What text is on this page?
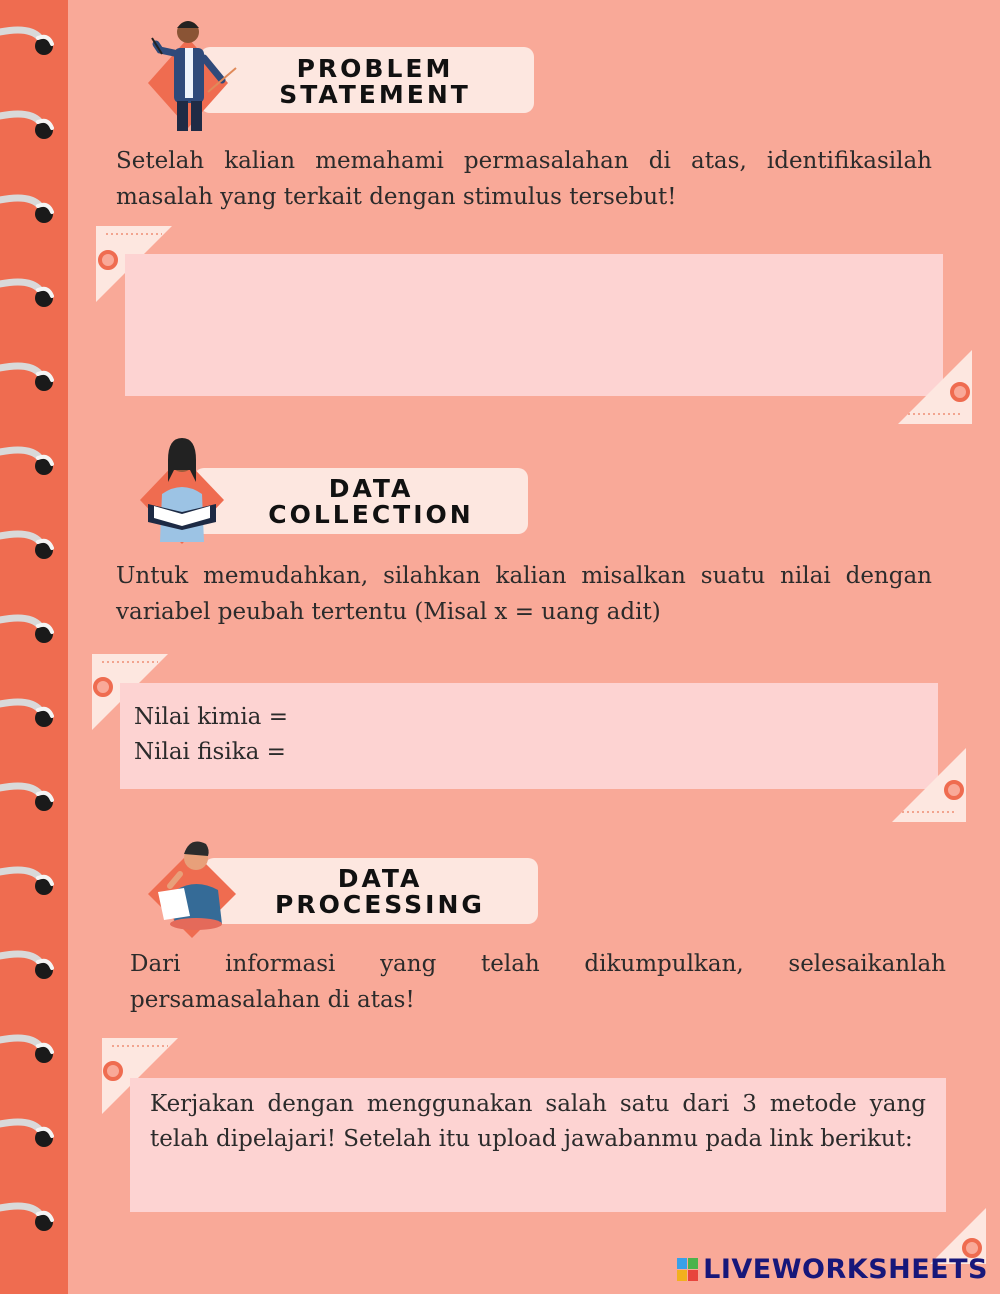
PROBLEM
STATEMENT
Setelah kalian memahami permasalahan di atas, identifikasilah masalah yang terkait dengan stimulus tersebut!
DATA
COLLECTION
Untuk memudahkan, silahkan kalian misalkan suatu nilai dengan variabel peubah tertentu (Misal x = uang adit)
Nilai kimia =
Nilai fisika =
DATA
PROCESSING
Dari informasi yang telah dikumpulkan, selesaikanlah persamasalahan di atas!
Kerjakan dengan menggunakan salah satu dari 3 metode yang telah dipelajari! Setelah itu upload jawabanmu pada link berikut:
LIVEWORKSHEETS
